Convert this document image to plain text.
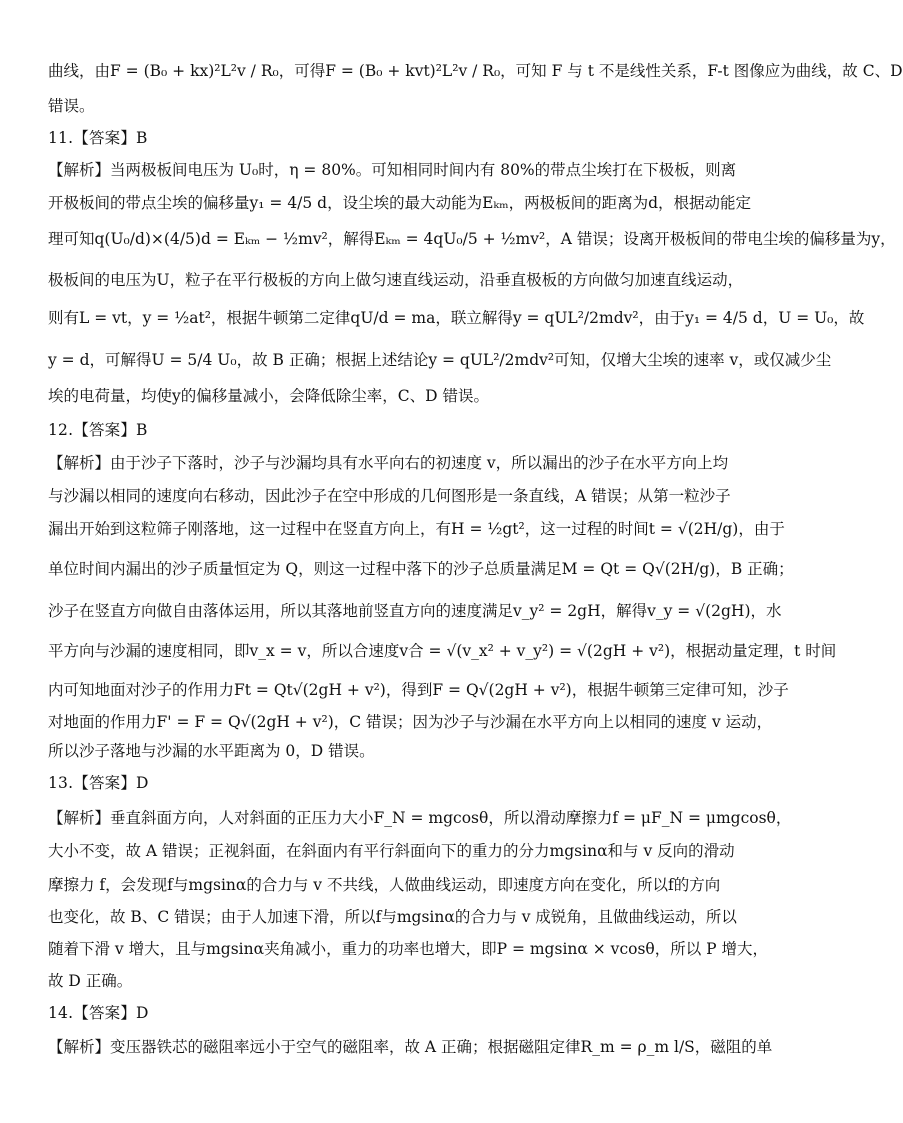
曲线，由F = (B₀ + kx)²L²v / R₀，可得F = (B₀ + kvt)²L²v / R₀，可知 F 与 t 不是线性关系，F-t 图像应为曲线，故 C、D
错误。
11.【答案】B
【解析】当两极板间电压为 U₀时，η = 80%。可知相同时间内有 80%的带点尘埃打在下极板，则离
开极板间的带点尘埃的偏移量y₁ = 4/5 d，设尘埃的最大动能为Eₖₘ，两极板间的距离为d，根据动能定
理可知q(U₀/d)×(4/5)d = Eₖₘ − ½mv²，解得Eₖₘ = 4qU₀/5 + ½mv²，A 错误；设离开极板间的带电尘埃的偏移量为y，
极板间的电压为U，粒子在平行极板的方向上做匀速直线运动，沿垂直极板的方向做匀加速直线运动，
则有L = vt，y = ½at²，根据牛顿第二定律qU/d = ma，联立解得y = qUL²/2mdv²，由于y₁ = 4/5 d，U = U₀，故
y = d，可解得U = 5/4 U₀，故 B 正确；根据上述结论y = qUL²/2mdv²可知，仅增大尘埃的速率 v，或仅减少尘
埃的电荷量，均使y的偏移量减小，会降低除尘率，C、D 错误。
12.【答案】B
【解析】由于沙子下落时，沙子与沙漏均具有水平向右的初速度 v，所以漏出的沙子在水平方向上均
与沙漏以相同的速度向右移动，因此沙子在空中形成的几何图形是一条直线，A 错误；从第一粒沙子
漏出开始到这粒筛子刚落地，这一过程中在竖直方向上，有H = ½gt²，这一过程的时间t = √(2H/g)，由于
单位时间内漏出的沙子质量恒定为 Q，则这一过程中落下的沙子总质量满足M = Qt = Q√(2H/g)，B 正确；
沙子在竖直方向做自由落体运用，所以其落地前竖直方向的速度满足v_y² = 2gH，解得v_y = √(2gH)，水
平方向与沙漏的速度相同，即v_x = v，所以合速度v合 = √(v_x² + v_y²) = √(2gH + v²)，根据动量定理，t 时间
内可知地面对沙子的作用力Ft = Qt√(2gH + v²)，得到F = Q√(2gH + v²)，根据牛顿第三定律可知，沙子
对地面的作用力F' = F = Q√(2gH + v²)，C 错误；因为沙子与沙漏在水平方向上以相同的速度 v 运动，
所以沙子落地与沙漏的水平距离为 0，D 错误。
13.【答案】D
【解析】垂直斜面方向，人对斜面的正压力大小F_N = mgcosθ，所以滑动摩擦力f = μF_N = μmgcosθ，
大小不变，故 A 错误；正视斜面，在斜面内有平行斜面向下的重力的分力mgsinα和与 v 反向的滑动
摩擦力 f，会发现f与mgsinα的合力与 v 不共线，人做曲线运动，即速度方向在变化，所以f的方向
也变化，故 B、C 错误；由于人加速下滑，所以f与mgsinα的合力与 v 成锐角，且做曲线运动，所以
随着下滑 v 增大，且与mgsinα夹角减小，重力的功率也增大，即P = mgsinα × vcosθ，所以 P 增大，
故 D 正确。
14.【答案】D
【解析】变压器铁芯的磁阻率远小于空气的磁阻率，故 A 正确；根据磁阻定律R_m = ρ_m l/S，磁阻的单
